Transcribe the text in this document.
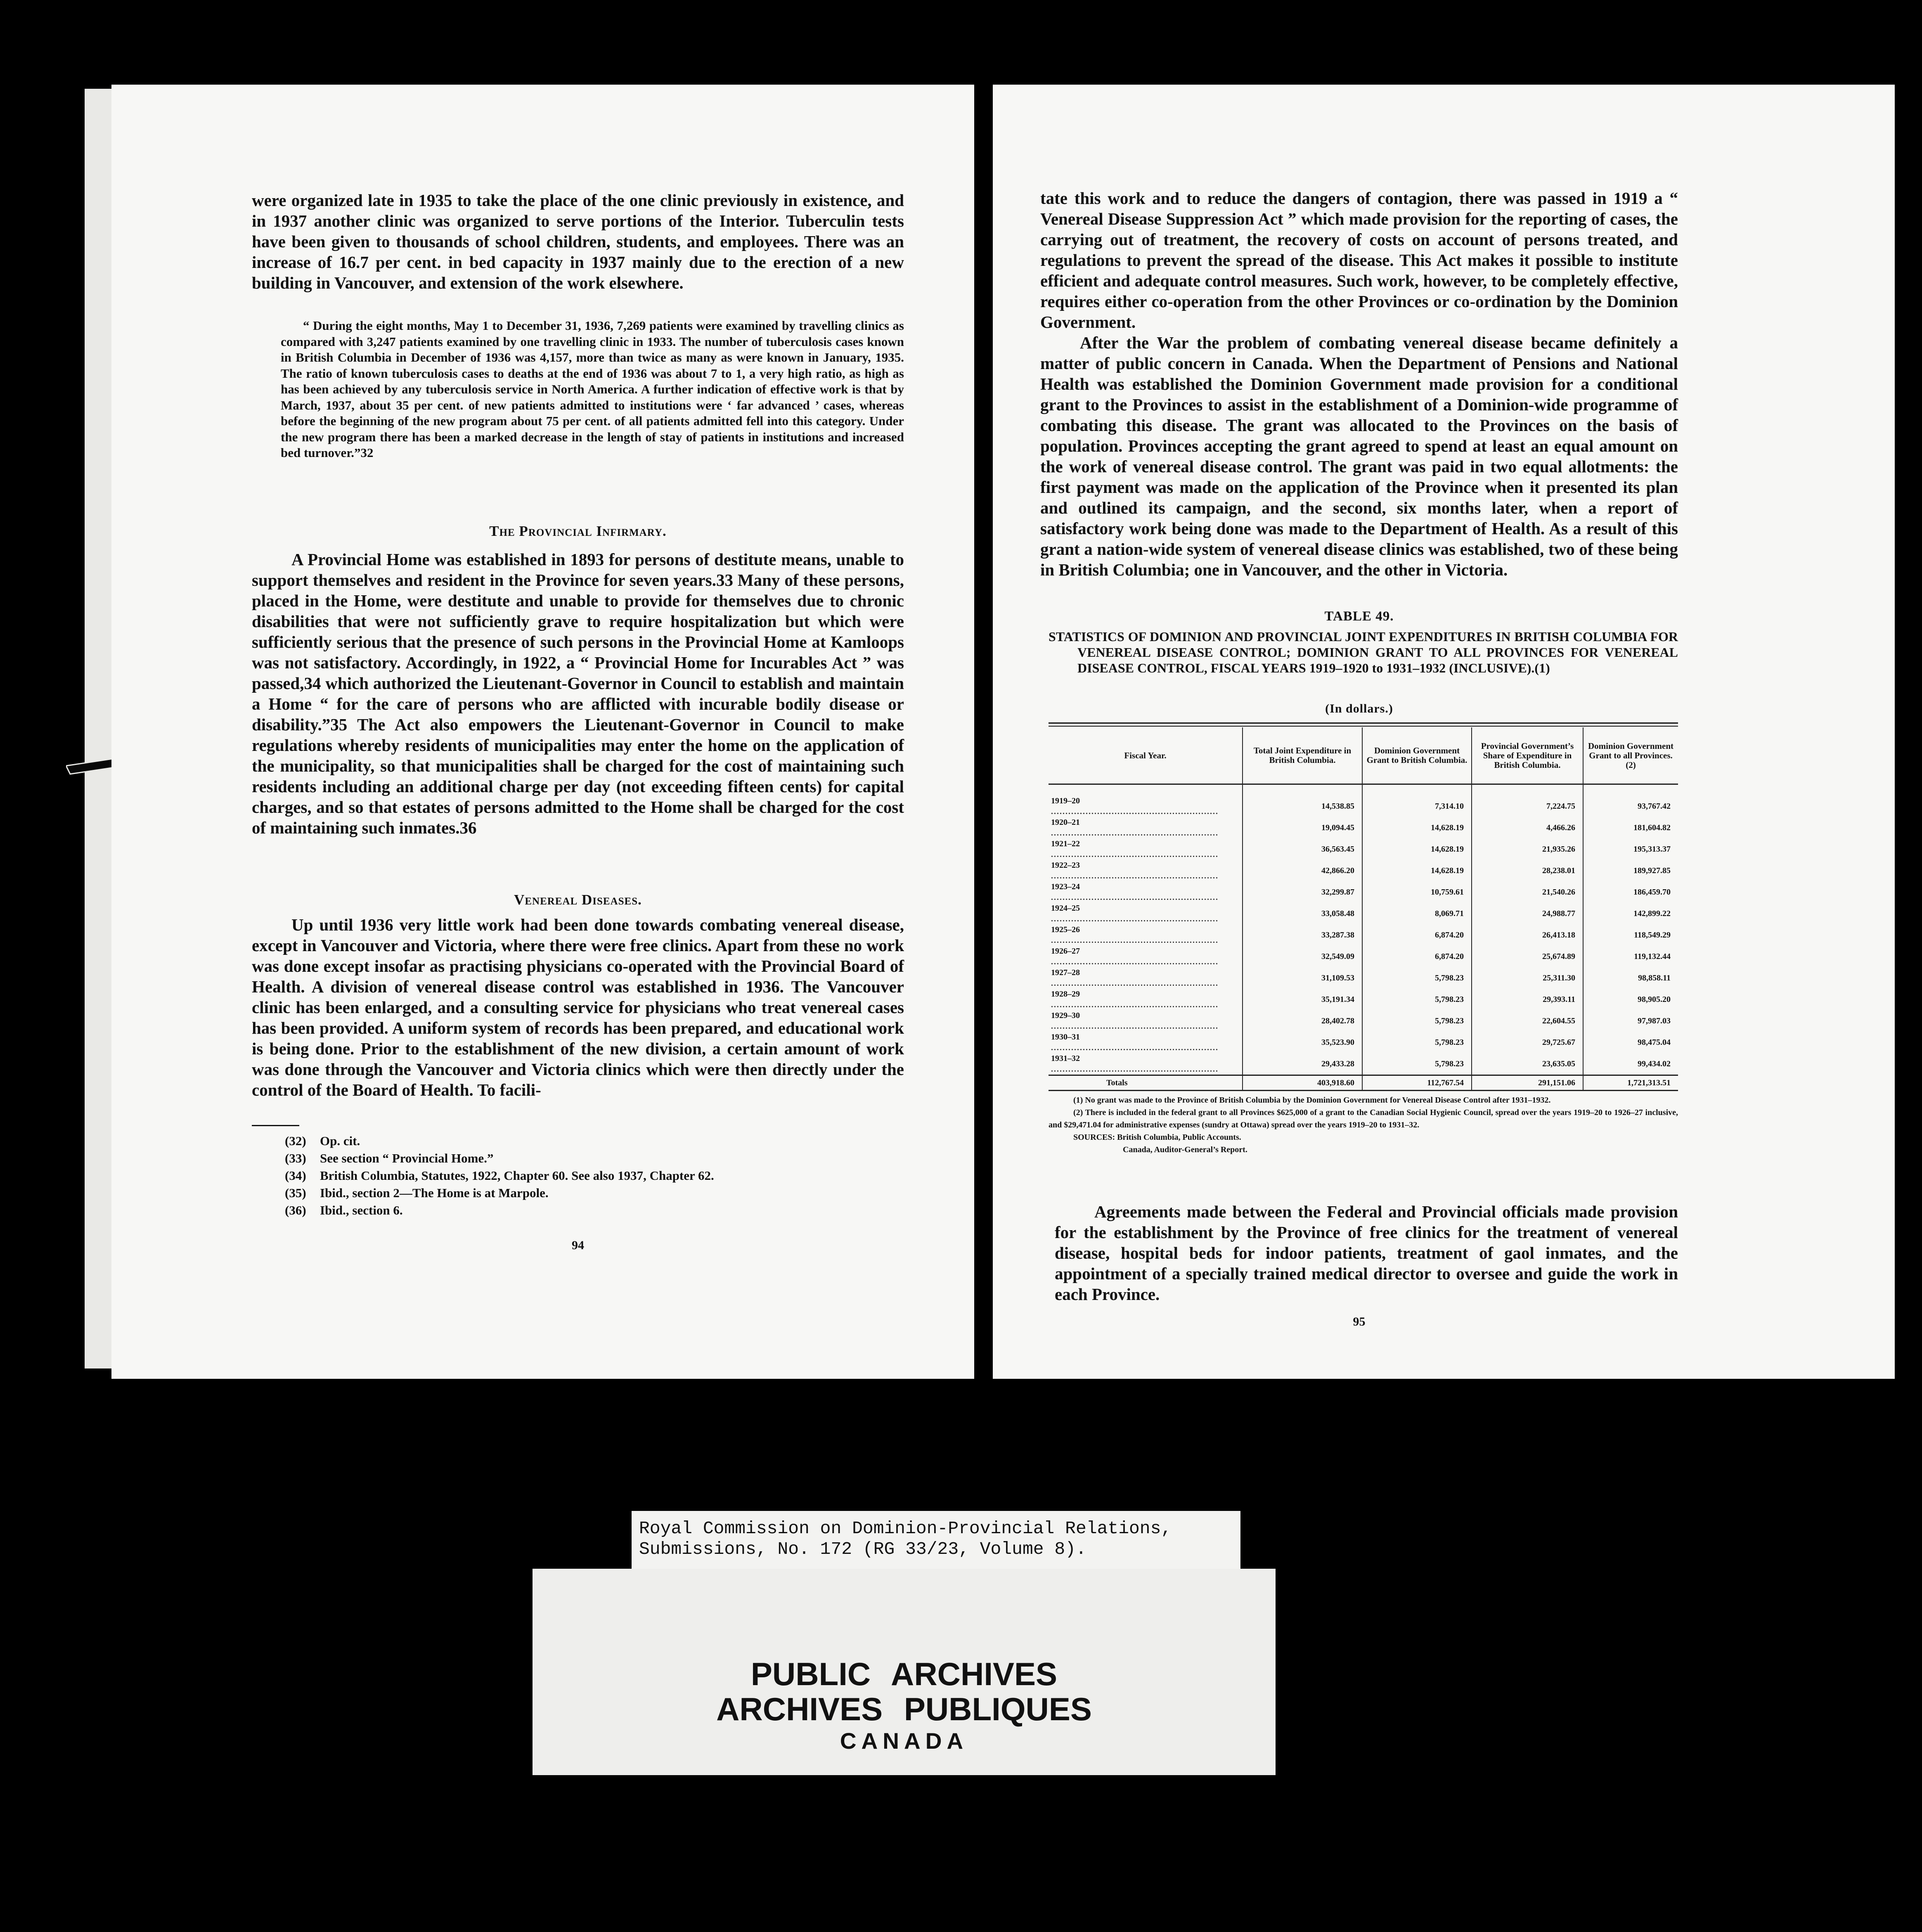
were organized late in 1935 to take the place of the one clinic previously in existence, and in 1937 another clinic was organized to serve portions of the Interior. Tuberculin tests have been given to thousands of school children, students, and employees. There was an increase of 16.7 per cent. in bed capacity in 1937 mainly due to the erection of a new building in Vancouver, and extension of the work elsewhere.

“ During the eight months, May 1 to December 31, 1936, 7,269 patients were examined by travelling clinics as compared with 3,247 patients examined by one travelling clinic in 1933. The number of tuberculosis cases known in British Columbia in December of 1936 was 4,157, more than twice as many as were known in January, 1935. The ratio of known tuberculosis cases to deaths at the end of 1936 was about 7 to 1, a very high ratio, as high as has been achieved by any tuberculosis service in North America. A further indication of effective work is that by March, 1937, about 35 per cent. of new patients admitted to institutions were ‘ far advanced ’ cases, whereas before the beginning of the new program about 75 per cent. of all patients admitted fell into this category. Under the new program there has been a marked decrease in the length of stay of patients in institutions and increased bed turnover.”32

The Provincial Infirmary.

A Provincial Home was established in 1893 for persons of destitute means, unable to support themselves and resident in the Province for seven years.33 Many of these persons, placed in the Home, were destitute and unable to provide for themselves due to chronic disabilities that were not sufficiently grave to require hospitalization but which were sufficiently serious that the presence of such persons in the Provincial Home at Kamloops was not satisfactory. Accordingly, in 1922, a “ Provincial Home for Incurables Act ” was passed,34 which authorized the Lieutenant-Governor in Council to establish and maintain a Home “ for the care of persons who are afflicted with incurable bodily disease or disability.”35 The Act also empowers the Lieutenant-Governor in Council to make regulations whereby residents of municipalities may enter the home on the application of the municipality, so that municipalities shall be charged for the cost of maintaining such residents including an additional charge per day (not exceeding fifteen cents) for capital charges, and so that estates of persons admitted to the Home shall be charged for the cost of maintaining such inmates.36

Venereal Diseases.

Up until 1936 very little work had been done towards combating venereal disease, except in Vancouver and Victoria, where there were free clinics. Apart from these no work was done except insofar as practising physicians co-operated with the Provincial Board of Health. A division of venereal disease control was established in 1936. The Vancouver clinic has been enlarged, and a consulting service for physicians who treat venereal cases has been provided. A uniform system of records has been prepared, and educational work is being done. Prior to the establishment of the new division, a certain amount of work was done through the Vancouver and Victoria clinics which were then directly under the control of the Board of Health. To facili-

(32)	Op. cit.
(33)	See section “ Provincial Home.”
(34)	British Columbia, Statutes, 1922, Chapter 60. See also 1937, Chapter 62.
(35)	Ibid., section 2—The Home is at Marpole.
(36)	Ibid., section 6.
94

tate this work and to reduce the dangers of contagion, there was passed in 1919 a “ Venereal Disease Suppression Act ” which made provision for the reporting of cases, the carrying out of treatment, the recovery of costs on account of persons treated, and regulations to prevent the spread of the disease. This Act makes it possible to institute efficient and adequate control measures. Such work, however, to be completely effective, requires either co-operation from the other Provinces or co-ordination by the Dominion Government.

After the War the problem of combating venereal disease became definitely a matter of public concern in Canada. When the Department of Pensions and National Health was established the Dominion Government made provision for a conditional grant to the Provinces to assist in the establishment of a Dominion-wide programme of combating this disease. The grant was allocated to the Provinces on the basis of population. Provinces accepting the grant agreed to spend at least an equal amount on the work of venereal disease control. The grant was paid in two equal allotments: the first payment was made on the application of the Province when it presented its plan and outlined its campaign, and the second, six months later, when a report of satisfactory work being done was made to the Department of Health. As a result of this grant a nation-wide system of venereal disease clinics was established, two of these being in British Columbia; one in Vancouver, and the other in Victoria.

TABLE 49.
STATISTICS OF DOMINION AND PROVINCIAL JOINT EXPENDITURES IN BRITISH COLUMBIA FOR VENEREAL DISEASE CONTROL; DOMINION GRANT TO ALL PROVINCES FOR VENEREAL DISEASE CONTROL, FISCAL YEARS 1919–1920 to 1931–1932 (INCLUSIVE).(1)
(In dollars.)
Fiscal Year.	Total Joint Expenditure in British Columbia.	Dominion Government Grant to British Columbia.	Provincial Government’s Share of Expenditure in British Columbia.	Dominion Government Grant to all Provinces. (2)

1919–20 ..........................................................	14,538.85	7,314.10	7,224.75	93,767.42
1920–21 ..........................................................	19,094.45	14,628.19	4,466.26	181,604.82
1921–22 ..........................................................	36,563.45	14,628.19	21,935.26	195,313.37
1922–23 ..........................................................	42,866.20	14,628.19	28,238.01	189,927.85
1923–24 ..........................................................	32,299.87	10,759.61	21,540.26	186,459.70
1924–25 ..........................................................	33,058.48	8,069.71	24,988.77	142,899.22
1925–26 ..........................................................	33,287.38	6,874.20	26,413.18	118,549.29
1926–27 ..........................................................	32,549.09	6,874.20	25,674.89	119,132.44
1927–28 ..........................................................	31,109.53	5,798.23	25,311.30	98,858.11
1928–29 ..........................................................	35,191.34	5,798.23	29,393.11	98,905.20
1929–30 ..........................................................	28,402.78	5,798.23	22,604.55	97,987.03
1930–31 ..........................................................	35,523.90	5,798.23	29,725.67	98,475.04
1931–32 ..........................................................	29,433.28	5,798.23	23,635.05	99,434.02
Totals	403,918.60	112,767.54	291,151.06	1,721,313.51

(1) No grant was made to the Province of British Columbia by the Dominion Government for Venereal Disease Control after 1931–1932.

(2) There is included in the federal grant to all Provinces $625,000 of a grant to the Canadian Social Hygienic Council, spread over the years 1919–20 to 1926–27 inclusive, and $29,471.04 for administrative expenses (sundry at Ottawa) spread over the years 1919–20 to 1931–32.

SOURCES: British Columbia, Public Accounts.

Canada, Auditor-General’s Report.

Agreements made between the Federal and Provincial officials made provision for the establishment by the Province of free clinics for the treatment of venereal disease, hospital beds for indoor patients, treatment of gaol inmates, and the appointment of a specially trained medical director to oversee and guide the work in each Province.

95
Royal Commission on Dominion-Provincial Relations,
Submissions, No. 172 (RG 33/23, Volume 8).
PUBLIC ARCHIVES
ARCHIVES PUBLIQUES
CANADA
